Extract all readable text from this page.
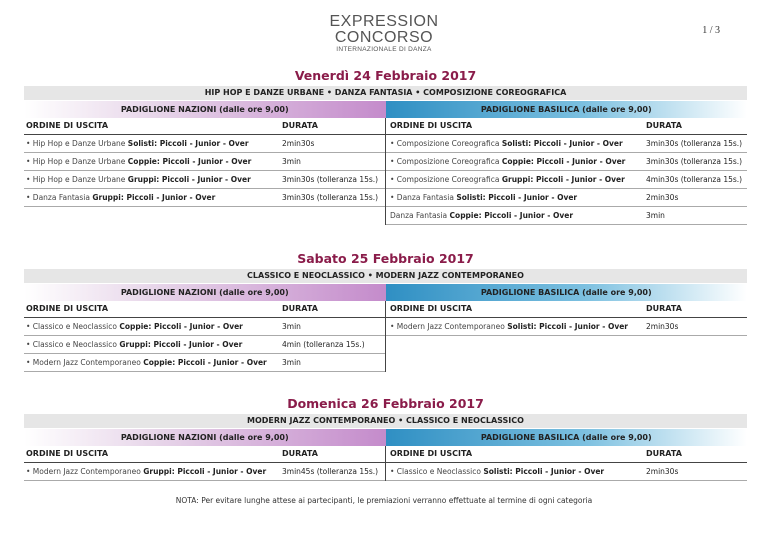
EXPRESSION
CONCORSO
INTERNAZIONALE DI DANZA
1 / 3
Venerdì 24 Febbraio 2017
HIP HOP E DANZE URBANE • DANZA FANTASIA • COMPOSIZIONE COREOGRAFICA
PADIGLIONE NAZIONI (dalle ore 9,00)	PADIGLIONE BASILICA (dalle ore 9,00)
ORDINE DI USCITA	DURATA
• Hip Hop e Danze Urbane Solisti: Piccoli - Junior - Over	2min30s
• Hip Hop e Danze Urbane Coppie: Piccoli - Junior - Over	3min
• Hip Hop e Danze Urbane Gruppi: Piccoli - Junior - Over	3min30s (tolleranza 15s.)
• Danza Fantasia Gruppi: Piccoli - Junior - Over	3min30s (tolleranza 15s.)
ORDINE DI USCITA	DURATA
• Composizione Coreografica Solisti: Piccoli - Junior - Over	3min30s (tolleranza 15s.)
• Composizione Coreografica Coppie: Piccoli - Junior - Over	3min30s (tolleranza 15s.)
• Composizione Coreografica Gruppi: Piccoli - Junior - Over	4min30s (tolleranza 15s.)
• Danza Fantasia Solisti: Piccoli - Junior - Over	2min30s
Danza Fantasia Coppie: Piccoli - Junior - Over	3min
Sabato 25 Febbraio 2017
CLASSICO E NEOCLASSICO • MODERN JAZZ CONTEMPORANEO
PADIGLIONE NAZIONI (dalle ore 9,00)	PADIGLIONE BASILICA (dalle ore 9,00)
ORDINE DI USCITA	DURATA
• Classico e Neoclassico Coppie: Piccoli - Junior - Over	3min
• Classico e Neoclassico Gruppi: Piccoli - Junior - Over	4min (tolleranza 15s.)
• Modern Jazz Contemporaneo Coppie: Piccoli - Junior - Over	3min
ORDINE DI USCITA	DURATA
• Modern Jazz Contemporaneo Solisti: Piccoli - Junior - Over	2min30s
Domenica 26 Febbraio 2017
MODERN JAZZ CONTEMPORANEO • CLASSICO E NEOCLASSICO
PADIGLIONE NAZIONI (dalle ore 9,00)	PADIGLIONE BASILICA (dalle ore 9,00)
ORDINE DI USCITA	DURATA
• Modern Jazz Contemporaneo Gruppi: Piccoli - Junior - Over	3min45s (tolleranza 15s.)
ORDINE DI USCITA	DURATA
• Classico e Neoclassico Solisti: Piccoli - Junior - Over	2min30s
NOTA: Per evitare lunghe attese ai partecipanti, le premiazioni verranno effettuate al termine di ogni categoria
